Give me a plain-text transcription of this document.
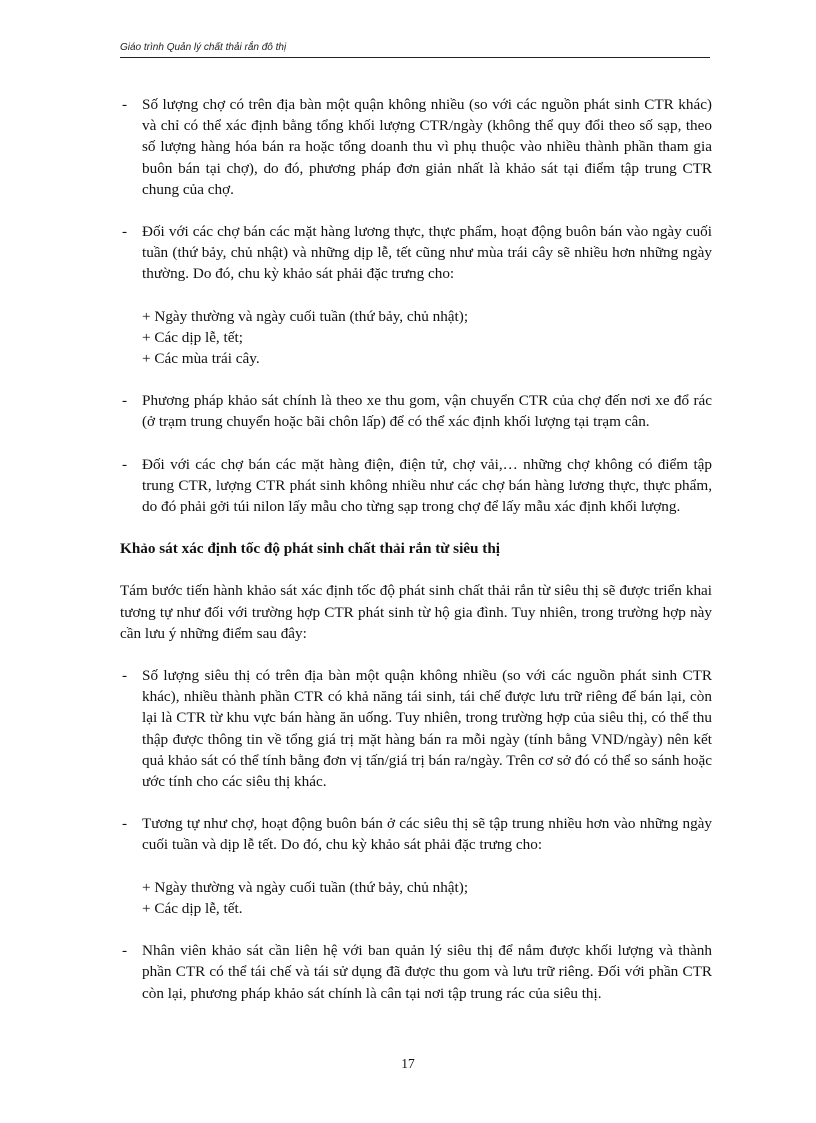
Giáo trình Quản lý chất thải rắn đô thị
- Số lượng chợ có trên địa bàn một quận không nhiều (so với các nguồn phát sinh CTR khác) và chỉ có thể xác định bằng tổng khối lượng CTR/ngày (không thể quy đổi theo số sạp, theo số lượng hàng hóa bán ra hoặc tổng doanh thu vì phụ thuộc vào nhiều thành phần tham gia buôn bán tại chợ), do đó, phương pháp đơn giản nhất là khảo sát tại điểm tập trung CTR chung của chợ.
- Đối với các chợ bán các mặt hàng lương thực, thực phẩm, hoạt động buôn bán vào ngày cuối tuần (thứ bảy, chủ nhật) và những dịp lễ, tết cũng như mùa trái cây sẽ nhiều hơn những ngày thường. Do đó, chu kỳ khảo sát phải đặc trưng cho:
+ Ngày thường và ngày cuối tuần (thứ bảy, chủ nhật);
+ Các dịp lễ, tết;
+ Các mùa trái cây.
- Phương pháp khảo sát chính là theo xe thu gom, vận chuyển CTR của chợ đến nơi xe đổ rác (ở trạm trung chuyển hoặc bãi chôn lấp) để có thể xác định khối lượng tại trạm cân.
- Đối với các chợ bán các mặt hàng điện, điện tử, chợ vải,… những chợ không có điểm tập trung CTR, lượng CTR phát sinh không nhiều như các chợ bán hàng lương thực, thực phẩm, do đó phải gởi túi nilon lấy mẫu cho từng sạp trong chợ để lấy mẫu xác định khối lượng.
Khảo sát xác định tốc độ phát sinh chất thải rắn từ siêu thị
Tám bước tiến hành khảo sát xác định tốc độ phát sinh chất thải rắn từ siêu thị sẽ được triển khai tương tự như đối với trường hợp CTR phát sinh từ hộ gia đình. Tuy nhiên, trong trường hợp này cần lưu ý những điểm sau đây:
- Số lượng siêu thị có trên địa bàn một quận không nhiều (so với các nguồn phát sinh CTR khác), nhiều thành phần CTR có khả năng tái sinh, tái chế được lưu trữ riêng để bán lại, còn lại là CTR từ khu vực bán hàng ăn uống. Tuy nhiên, trong trường hợp của siêu thị, có thể thu thập được thông tin về tổng giá trị mặt hàng bán ra mỗi ngày (tính bằng VND/ngày) nên kết quả khảo sát có thể tính bằng đơn vị tấn/giá trị bán ra/ngày. Trên cơ sở đó có thể so sánh hoặc ước tính cho các siêu thị khác.
- Tương tự như chợ, hoạt động buôn bán ở các siêu thị sẽ tập trung nhiều hơn vào những ngày cuối tuần và dịp lễ tết. Do đó, chu kỳ khảo sát phải đặc trưng cho:
+ Ngày thường và ngày cuối tuần (thứ bảy, chủ nhật);
+ Các dịp lễ, tết.
- Nhân viên khảo sát cần liên hệ với ban quản lý siêu thị để nắm được khối lượng và thành phần CTR có thể tái chế và tái sử dụng đã được thu gom và lưu trữ riêng. Đối với phần CTR còn lại, phương pháp khảo sát chính là cân tại nơi tập trung rác của siêu thị.
17
